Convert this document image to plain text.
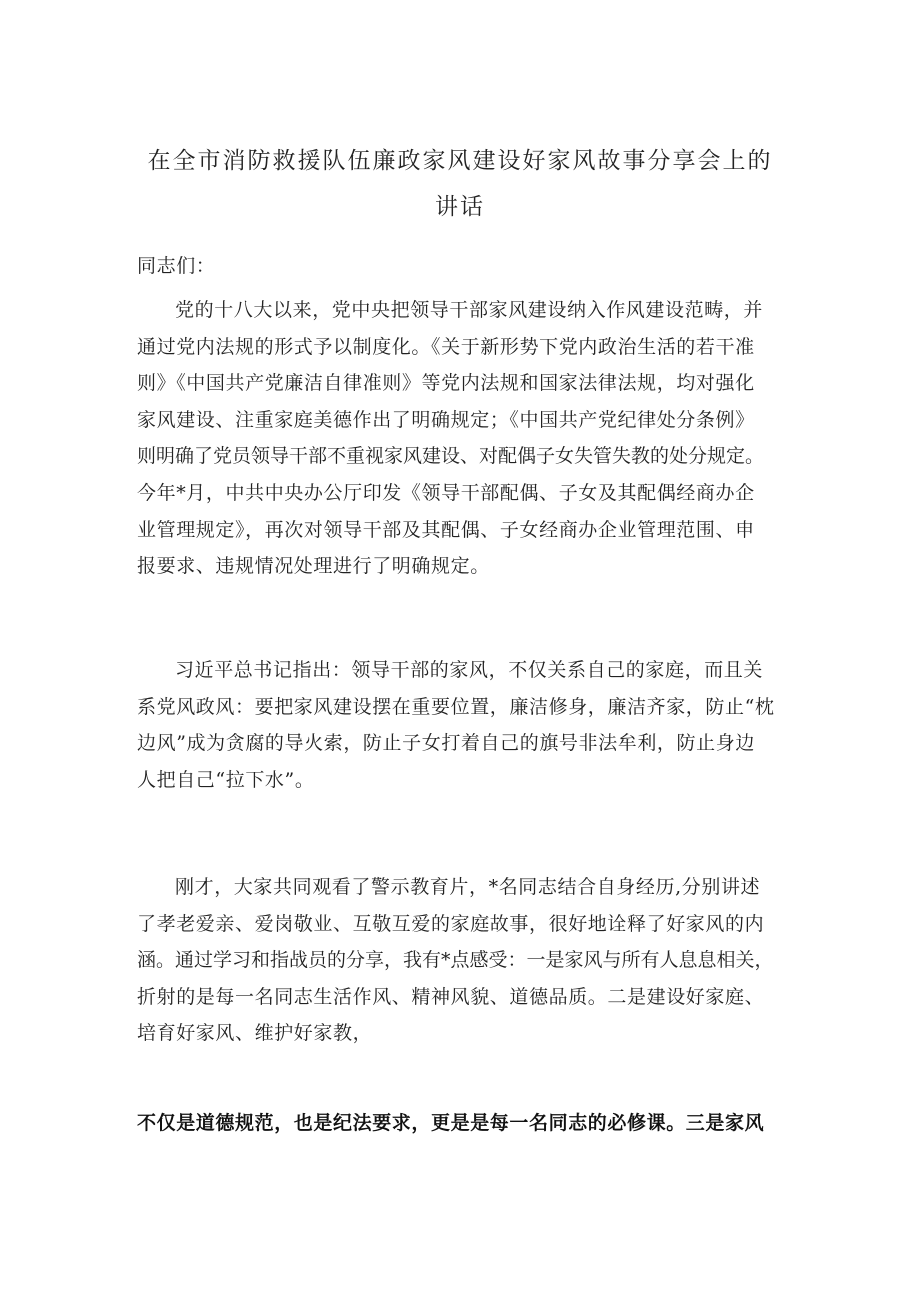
在全市消防救援队伍廉政家风建设好家风故事分享会上的
讲话

同志们：

党的十八大以来，党中央把领导干部家风建设纳入作风建设范畴，并
通过党内法规的形式予以制度化。《关于新形势下党内政治生活的若干准
则》《中国共产党廉洁自律准则》等党内法规和国家法律法规，均对强化
家风建设、注重家庭美德作出了明确规定；《中国共产党纪律处分条例》
则明确了党员领导干部不重视家风建设、对配偶子女失管失教的处分规定。
今年*月，中共中央办公厅印发《领导干部配偶、子女及其配偶经商办企
业管理规定》，再次对领导干部及其配偶、子女经商办企业管理范围、申
报要求、违规情况处理进行了明确规定。

习近平总书记指出：领导干部的家风，不仅关系自己的家庭，而且关
系党风政风：要把家风建设摆在重要位置，廉洁修身，廉洁齐家，防止“枕
边风”成为贪腐的导火索，防止子女打着自己的旗号非法牟利，防止身边
人把自己“拉下水”。

刚才，大家共同观看了警示教育片，*名同志结合自身经历,分别讲述
了孝老爱亲、爱岗敬业、互敬互爱的家庭故事，很好地诠释了好家风的内
涵。通过学习和指战员的分享，我有*点感受：一是家风与所有人息息相关，
折射的是每一名同志生活作风、精神风貌、道德品质。二是建设好家庭、
培育好家风、维护好家教，

不仅是道德规范，也是纪法要求，更是是每一名同志的必修课。三是家风
